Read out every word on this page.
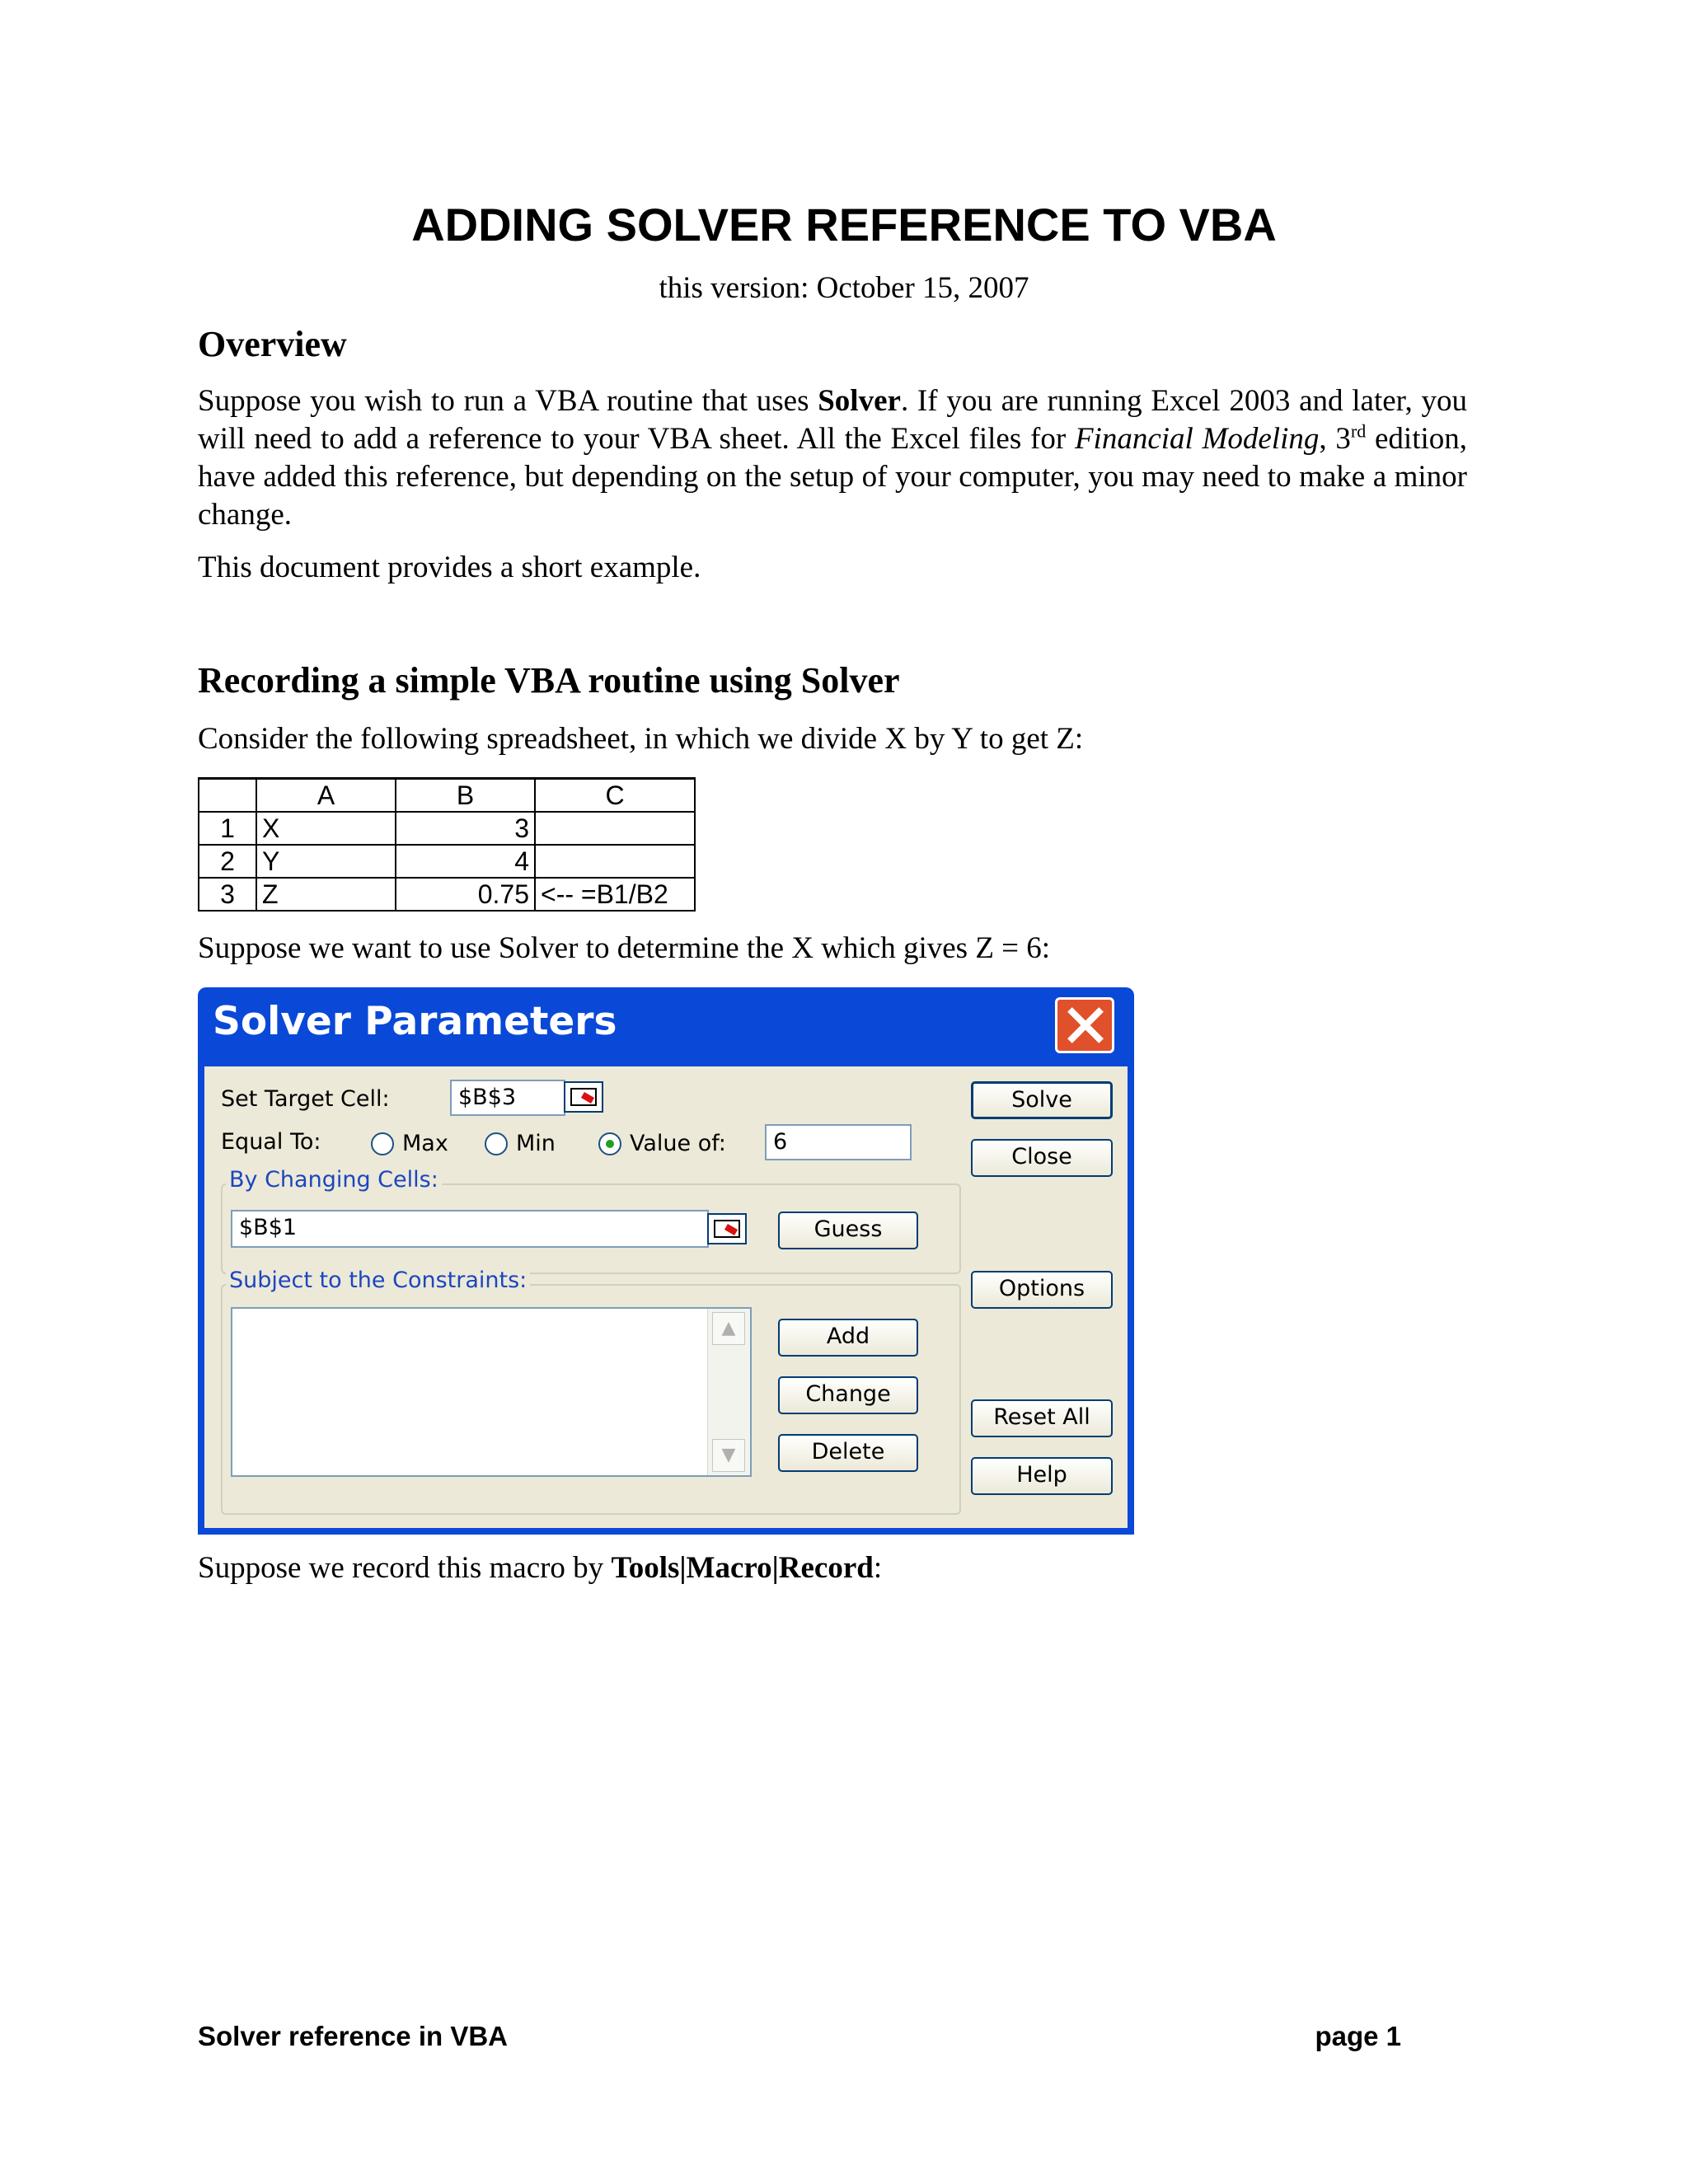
ADDING SOLVER REFERENCE TO VBA
this version: October 15, 2007
Overview

Suppose you wish to run a VBA routine that uses Solver. If you are running Excel 2003 and later, you will need to add a reference to your VBA sheet. All the Excel files for Financial Modeling, 3rd edition, have added this reference, but depending on the setup of your computer, you may need to make a minor change.

This document provides a short example.

Recording a simple VBA routine using Solver

Consider the following spreadsheet, in which we divide X by Y to get Z:

	A	B	C
1	X	3	
2	Y	4	
3	Z	0.75	<-- =B1/B2

Suppose we want to use Solver to determine the X which gives Z = 6:

Solver Parameters
Set Target Cell:	$B$3
Equal To:	Max	Min	Value of:	6
By Changing Cells:
$B$1	Guess
Subject to the Constraints:
▲
▼
Add
Change
Delete
Solve
Close
Options
Reset All
Help

Suppose we record this macro by Tools|Macro|Record:

Solver reference in VBA	page 1
